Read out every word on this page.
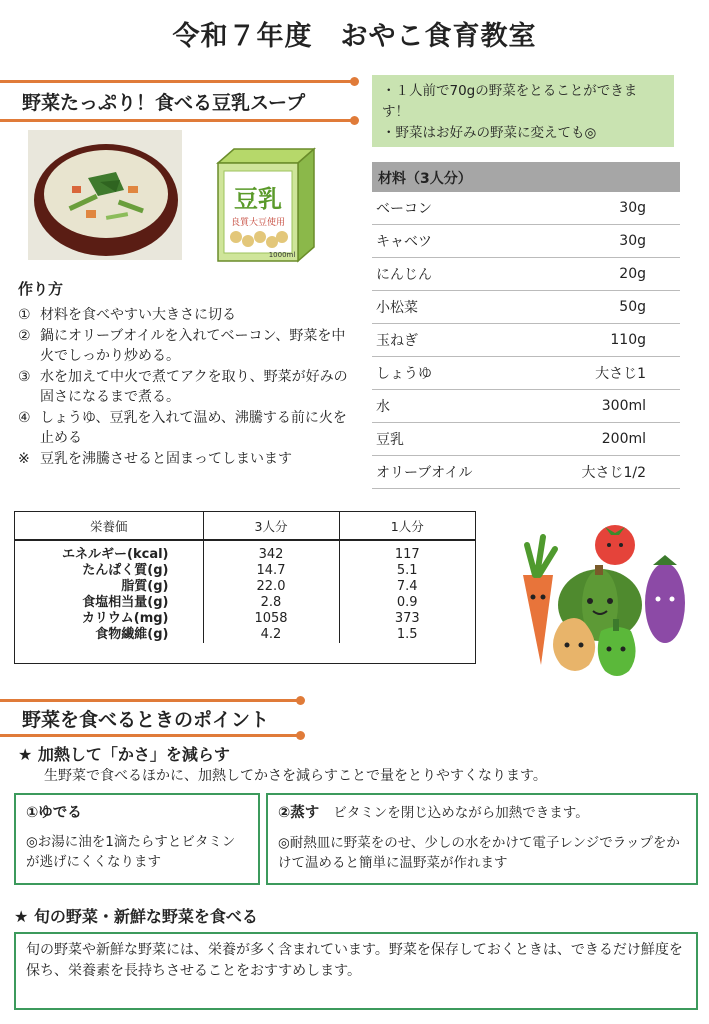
令和７年度　おやこ食育教室
野菜たっぷり！食べる豆乳スープ
豆乳
良質大豆使用
1000ml
・１人前で70gの野菜をとることができます！
・野菜はお好みの野菜に変えても◎
材料（3人分）
ベーコン	30g
キャベツ	30g
にんじん	20g
小松菜	50g
玉ねぎ	110g
しょうゆ	大さじ1
水	300ml
豆乳	200ml
オリーブオイル	大さじ1/2
作り方
① 材料を食べやすい大きさに切る
② 鍋にオリーブオイルを入れてベーコン、野菜を中火でしっかり炒める。
③ 水を加えて中火で煮てアクを取り、野菜が好みの固さになるまで煮る。
④ しょうゆ、豆乳を入れて温め、沸騰する前に火を止める
※ 豆乳を沸騰させると固まってしまいます
栄養価	3人分	1人分
エネルギー(kcal)	342	117
たんぱく質(g)	14.7	5.1
脂質(g)	22.0	7.4
食塩相当量(g)	2.8	0.9
カリウム(mg)	1058	373
食物繊維(g)	4.2	1.5
野菜を食べるときのポイント
★ 加熱して「かさ」を減らす
生野菜で食べるほかに、加熱してかさを減らすことで量をとりやすくなります。
①ゆでる
◎お湯に油を1滴たらすとビタミンが逃げにくくなります
②蒸す ビタミンを閉じ込めながら加熱できます。
◎耐熱皿に野菜をのせ、少しの水をかけて電子レンジでラップをかけて温めると簡単に温野菜が作れます
★ 旬の野菜・新鮮な野菜を食べる
旬の野菜や新鮮な野菜には、栄養が多く含まれています。野菜を保存しておくときは、できるだけ鮮度を保ち、栄養素を長持ちさせることをおすすめします。
